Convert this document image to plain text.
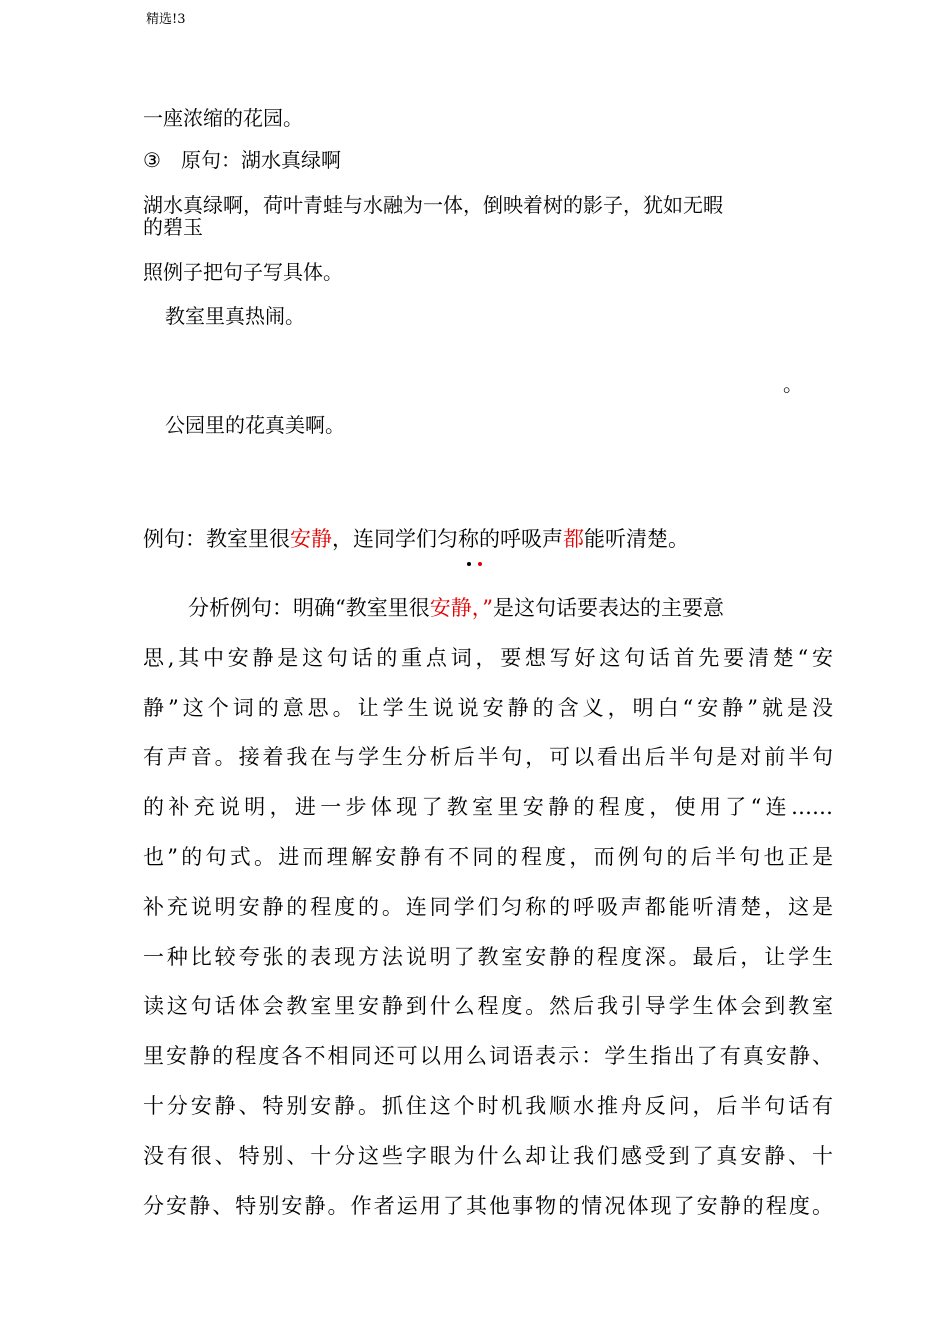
精选!3
一座浓缩的花园。
③ 原句：湖水真绿啊
湖水真绿啊，荷叶青蛙与水融为一体，倒映着树的影子，犹如无暇
的碧玉
照例子把句子写具体。
教室里真热闹。
。
公园里的花真美啊。
例句：教室里很安静，连同学们匀称的呼吸声都能听清楚。
分析例句：明确“教室里很安静，”是这句话要表达的主要意
思,其中安静是这句话的重点词，要想写好这句话首先要清楚“安
静”这个词的意思。让学生说说安静的含义，明白“安静”就是没
有声音。接着我在与学生分析后半句，可以看出后半句是对前半句
的补充说明，进一步体现了教室里安静的程度，使用了“连……
也”的句式。进而理解安静有不同的程度，而例句的后半句也正是
补充说明安静的程度的。连同学们匀称的呼吸声都能听清楚，这是
一种比较夸张的表现方法说明了教室安静的程度深。最后，让学生
读这句话体会教室里安静到什么程度。然后我引导学生体会到教室
里安静的程度各不相同还可以用么词语表示：学生指出了有真安静、
十分安静、特别安静。抓住这个时机我顺水推舟反问，后半句话有
没有很、特别、十分这些字眼为什么却让我们感受到了真安静、十
分安静、特别安静。作者运用了其他事物的情况体现了安静的程度。
